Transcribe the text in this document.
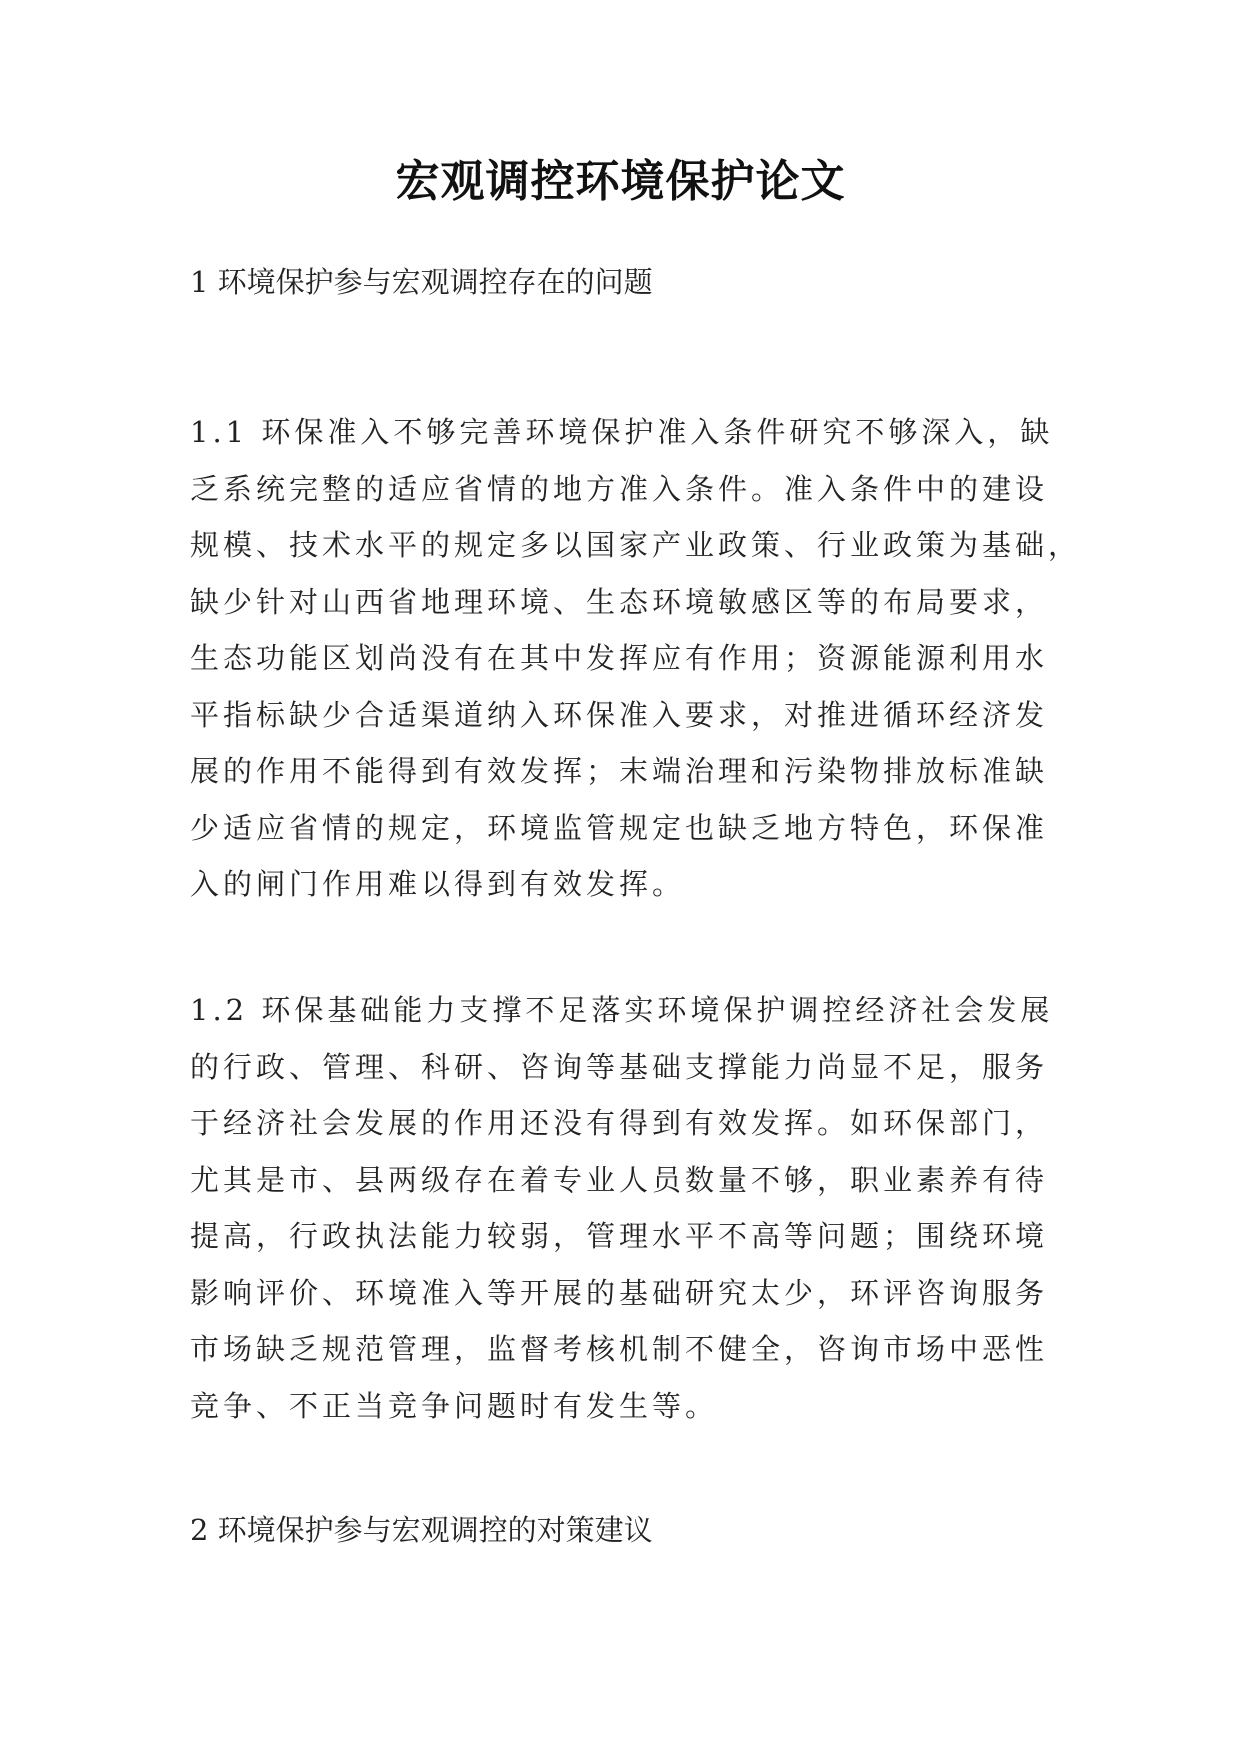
宏观调控环境保护论文

1 环境保护参与宏观调控存在的问题

1.1 环保准入不够完善环境保护准入条件研究不够深入，缺
乏系统完整的适应省情的地方准入条件。准入条件中的建设
规模、技术水平的规定多以国家产业政策、行业政策为基础，
缺少针对山西省地理环境、生态环境敏感区等的布局要求，
生态功能区划尚没有在其中发挥应有作用；资源能源利用水
平指标缺少合适渠道纳入环保准入要求，对推进循环经济发
展的作用不能得到有效发挥；末端治理和污染物排放标准缺
少适应省情的规定，环境监管规定也缺乏地方特色，环保准
入的闸门作用难以得到有效发挥。
1.2 环保基础能力支撑不足落实环境保护调控经济社会发展
的行政、管理、科研、咨询等基础支撑能力尚显不足，服务
于经济社会发展的作用还没有得到有效发挥。如环保部门，
尤其是市、县两级存在着专业人员数量不够，职业素养有待
提高，行政执法能力较弱，管理水平不高等问题；围绕环境
影响评价、环境准入等开展的基础研究太少，环评咨询服务
市场缺乏规范管理，监督考核机制不健全，咨询市场中恶性
竞争、不正当竞争问题时有发生等。

2 环境保护参与宏观调控的对策建议
